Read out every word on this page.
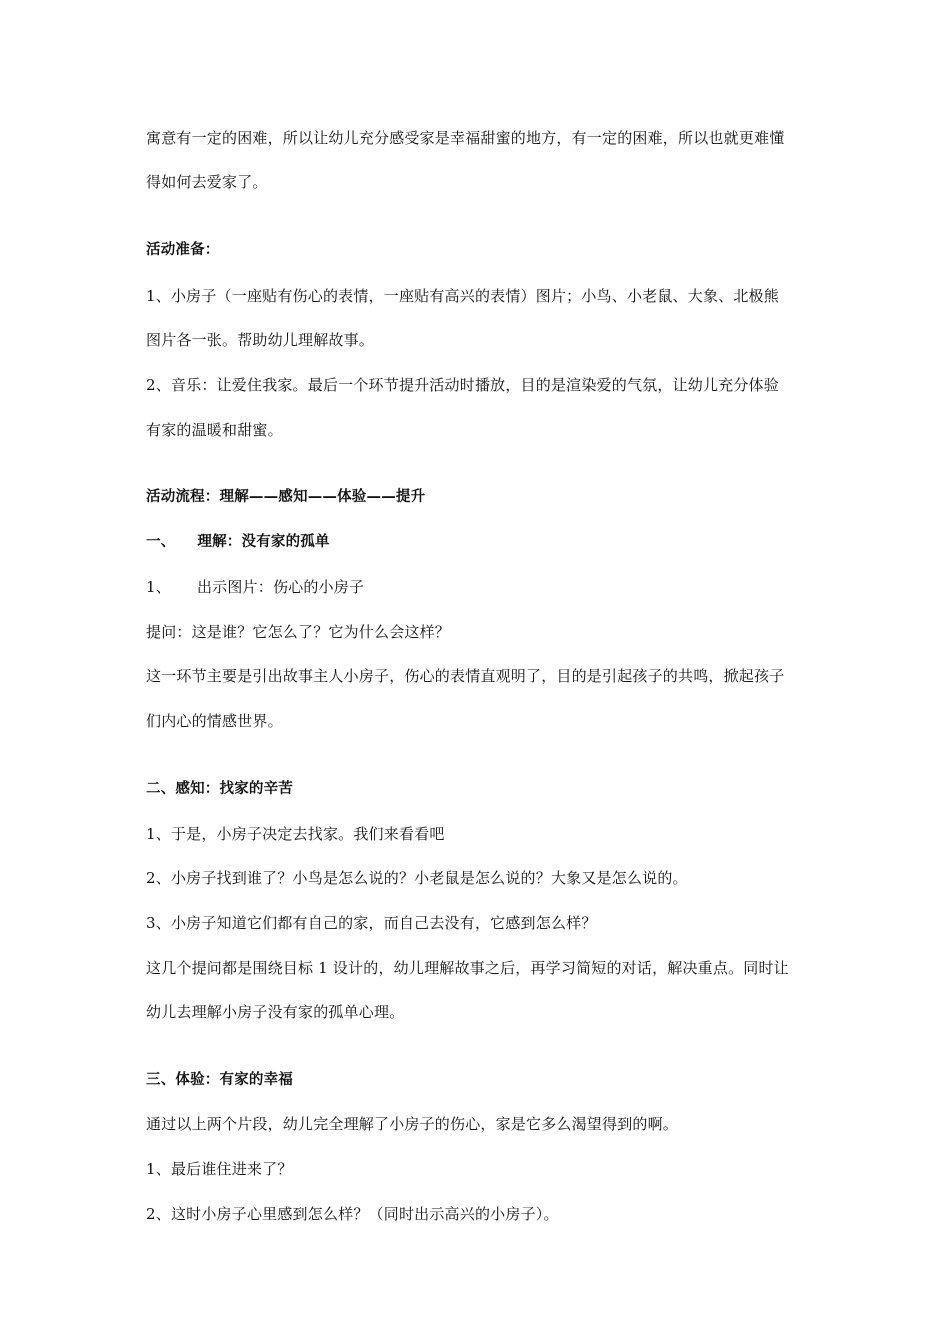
寓意有一定的困难，所以让幼儿充分感受家是幸福甜蜜的地方，有一定的困难，所以也就更难懂
得如何去爱家了。
活动准备：
1、小房子（一座贴有伤心的表情，一座贴有高兴的表情）图片；小鸟、小老鼠、大象、北极熊
图片各一张。帮助幼儿理解故事。
2、音乐：让爱住我家。最后一个环节提升活动时播放，目的是渲染爱的气氛，让幼儿充分体验
有家的温暖和甜蜜。
活动流程：理解——感知——体验——提升
一、 理解：没有家的孤单
1、 出示图片：伤心的小房子
提问：这是谁？它怎么了？它为什么会这样？
这一环节主要是引出故事主人小房子，伤心的表情直观明了，目的是引起孩子的共鸣，掀起孩子
们内心的情感世界。
二、感知：找家的辛苦
1、于是，小房子决定去找家。我们来看看吧
2、小房子找到谁了？小鸟是怎么说的？小老鼠是怎么说的？大象又是怎么说的。
3、小房子知道它们都有自己的家，而自己去没有，它感到怎么样？
这几个提问都是围绕目标 1 设计的，幼儿理解故事之后，再学习简短的对话，解决重点。同时让
幼儿去理解小房子没有家的孤单心理。
三、体验：有家的幸福
通过以上两个片段，幼儿完全理解了小房子的伤心，家是它多么渴望得到的啊。
1、最后谁住进来了？
2、这时小房子心里感到怎么样？（同时出示高兴的小房子）。
